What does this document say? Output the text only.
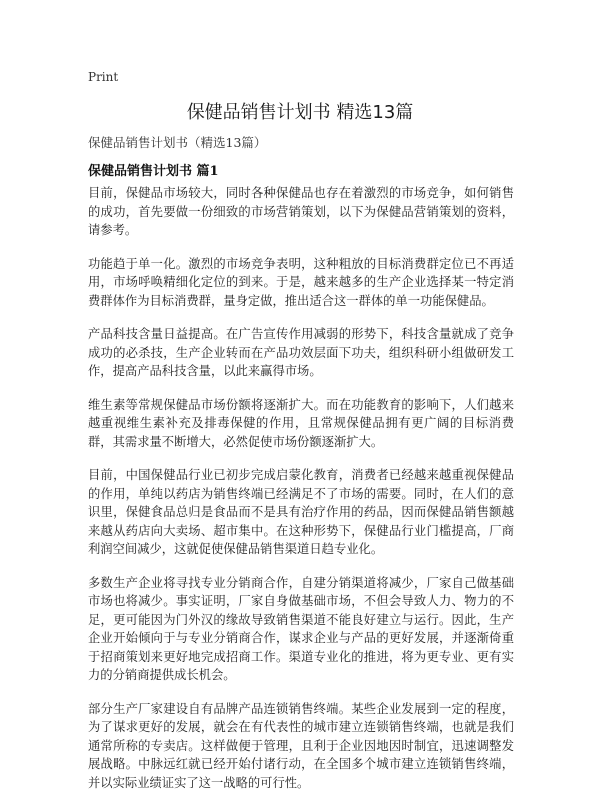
Print
保健品销售计划书 精选13篇
保健品销售计划书（精选13篇）
保健品销售计划书 篇1

目前，保健品市场较大，同时各种保健品也存在着激烈的市场竞争，如何销售的成功，首先要做一份细致的市场营销策划，以下为保健品营销策划的资料，请参考。

功能趋于单一化。激烈的市场竞争表明，这种粗放的目标消费群定位已不再适用，市场呼唤精细化定位的到来。于是，越来越多的生产企业选择某一特定消费群体作为目标消费群，量身定做，推出适合这一群体的单一功能保健品。

产品科技含量日益提高。在广告宣传作用减弱的形势下，科技含量就成了竞争成功的必杀技，生产企业转而在产品功效层面下功夫，组织科研小组做研发工作，提高产品科技含量，以此来赢得市场。

维生素等常规保健品市场份额将逐渐扩大。而在功能教育的影响下，人们越来越重视维生素补充及排毒保健的作用，且常规保健品拥有更广阔的目标消费群，其需求量不断增大，必然促使市场份额逐渐扩大。

目前，中国保健品行业已初步完成启蒙化教育，消费者已经越来越重视保健品的作用，单纯以药店为销售终端已经满足不了市场的需要。同时，在人们的意识里，保健食品总归是食品而不是具有治疗作用的药品，因而保健品销售额越来越从药店向大卖场、超市集中。在这种形势下，保健品行业门槛提高，厂商利润空间减少，这就促使保健品销售渠道日趋专业化。

多数生产企业将寻找专业分销商合作，自建分销渠道将减少，厂家自己做基础市场也将减少。事实证明，厂家自身做基础市场，不但会导致人力、物力的不足，更可能因为门外汉的缘故导致销售渠道不能良好建立与运行。因此，生产企业开始倾向于与专业分销商合作，谋求企业与产品的更好发展，并逐渐倚重于招商策划来更好地完成招商工作。渠道专业化的推进，将为更专业、更有实力的分销商提供成长机会。

部分生产厂家建设自有品牌产品连锁销售终端。某些企业发展到一定的程度，为了谋求更好的发展，就会在有代表性的城市建立连锁销售终端，也就是我们通常所称的专卖店。这样做便于管理，且利于企业因地因时制宜，迅速调整发展战略。中脉远红就已经开始付诸行动，在全国多个城市建立连锁销售终端，并以实际业绩证实了这一战略的可行性。
